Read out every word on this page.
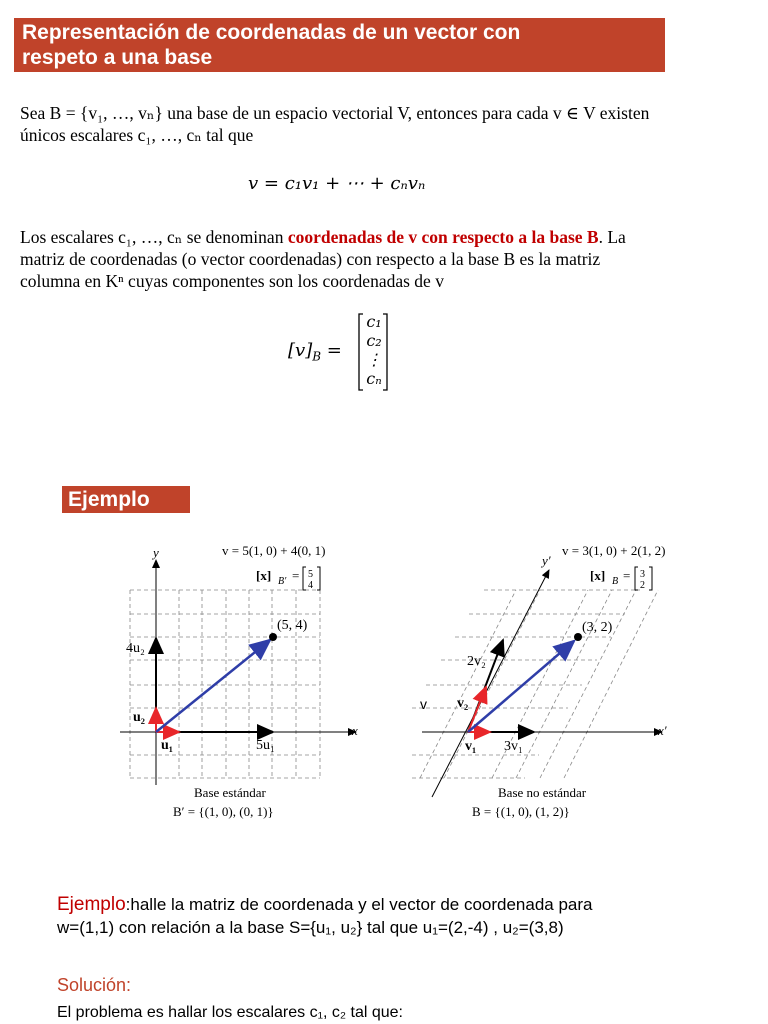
Representación de coordenadas de un vector con
respeto a una base
Sea B = {v₁, …, vₙ} una base de un espacio vectorial V, entonces para cada v ∈ V existen únicos escalares c₁, …, cₙ tal que
v = c₁v₁ + ⋯ + cₙvₙ
Los escalares c₁, …, cₙ se denominan coordenadas de v con respecto a la base B. La matriz de coordenadas (o vector coordenadas) con respecto a la base B es la matriz columna en Kⁿ cuyas componentes son los coordenadas de v
$[v]_B$ =
c₁
c₂
⋮
cₙ
Ejemplo
y
x
v = 5(1, 0) + 4(0, 1)
[x] B′ = 5
4
(5, 4)
4u₂
u₂
u₁	5u₁
Base estándar
B′ = {(1, 0), (0, 1)}
y′
x′
v = 3(1, 0) + 2(1, 2)
[x] B = 3
2
(3, 2)
2v₂
v₂
v₁ 3v₁
v
Base no estándar
B = {(1, 0), (1, 2)}
Ejemplo:halle la matriz de coordenada y el vector de coordenada para
w=(1,1) con relación a la base S={u₁, u₂} tal que u₁=(2,-4) , u₂=(3,8)
Solución:
El problema es hallar los escalares c₁, c₂ tal que:
